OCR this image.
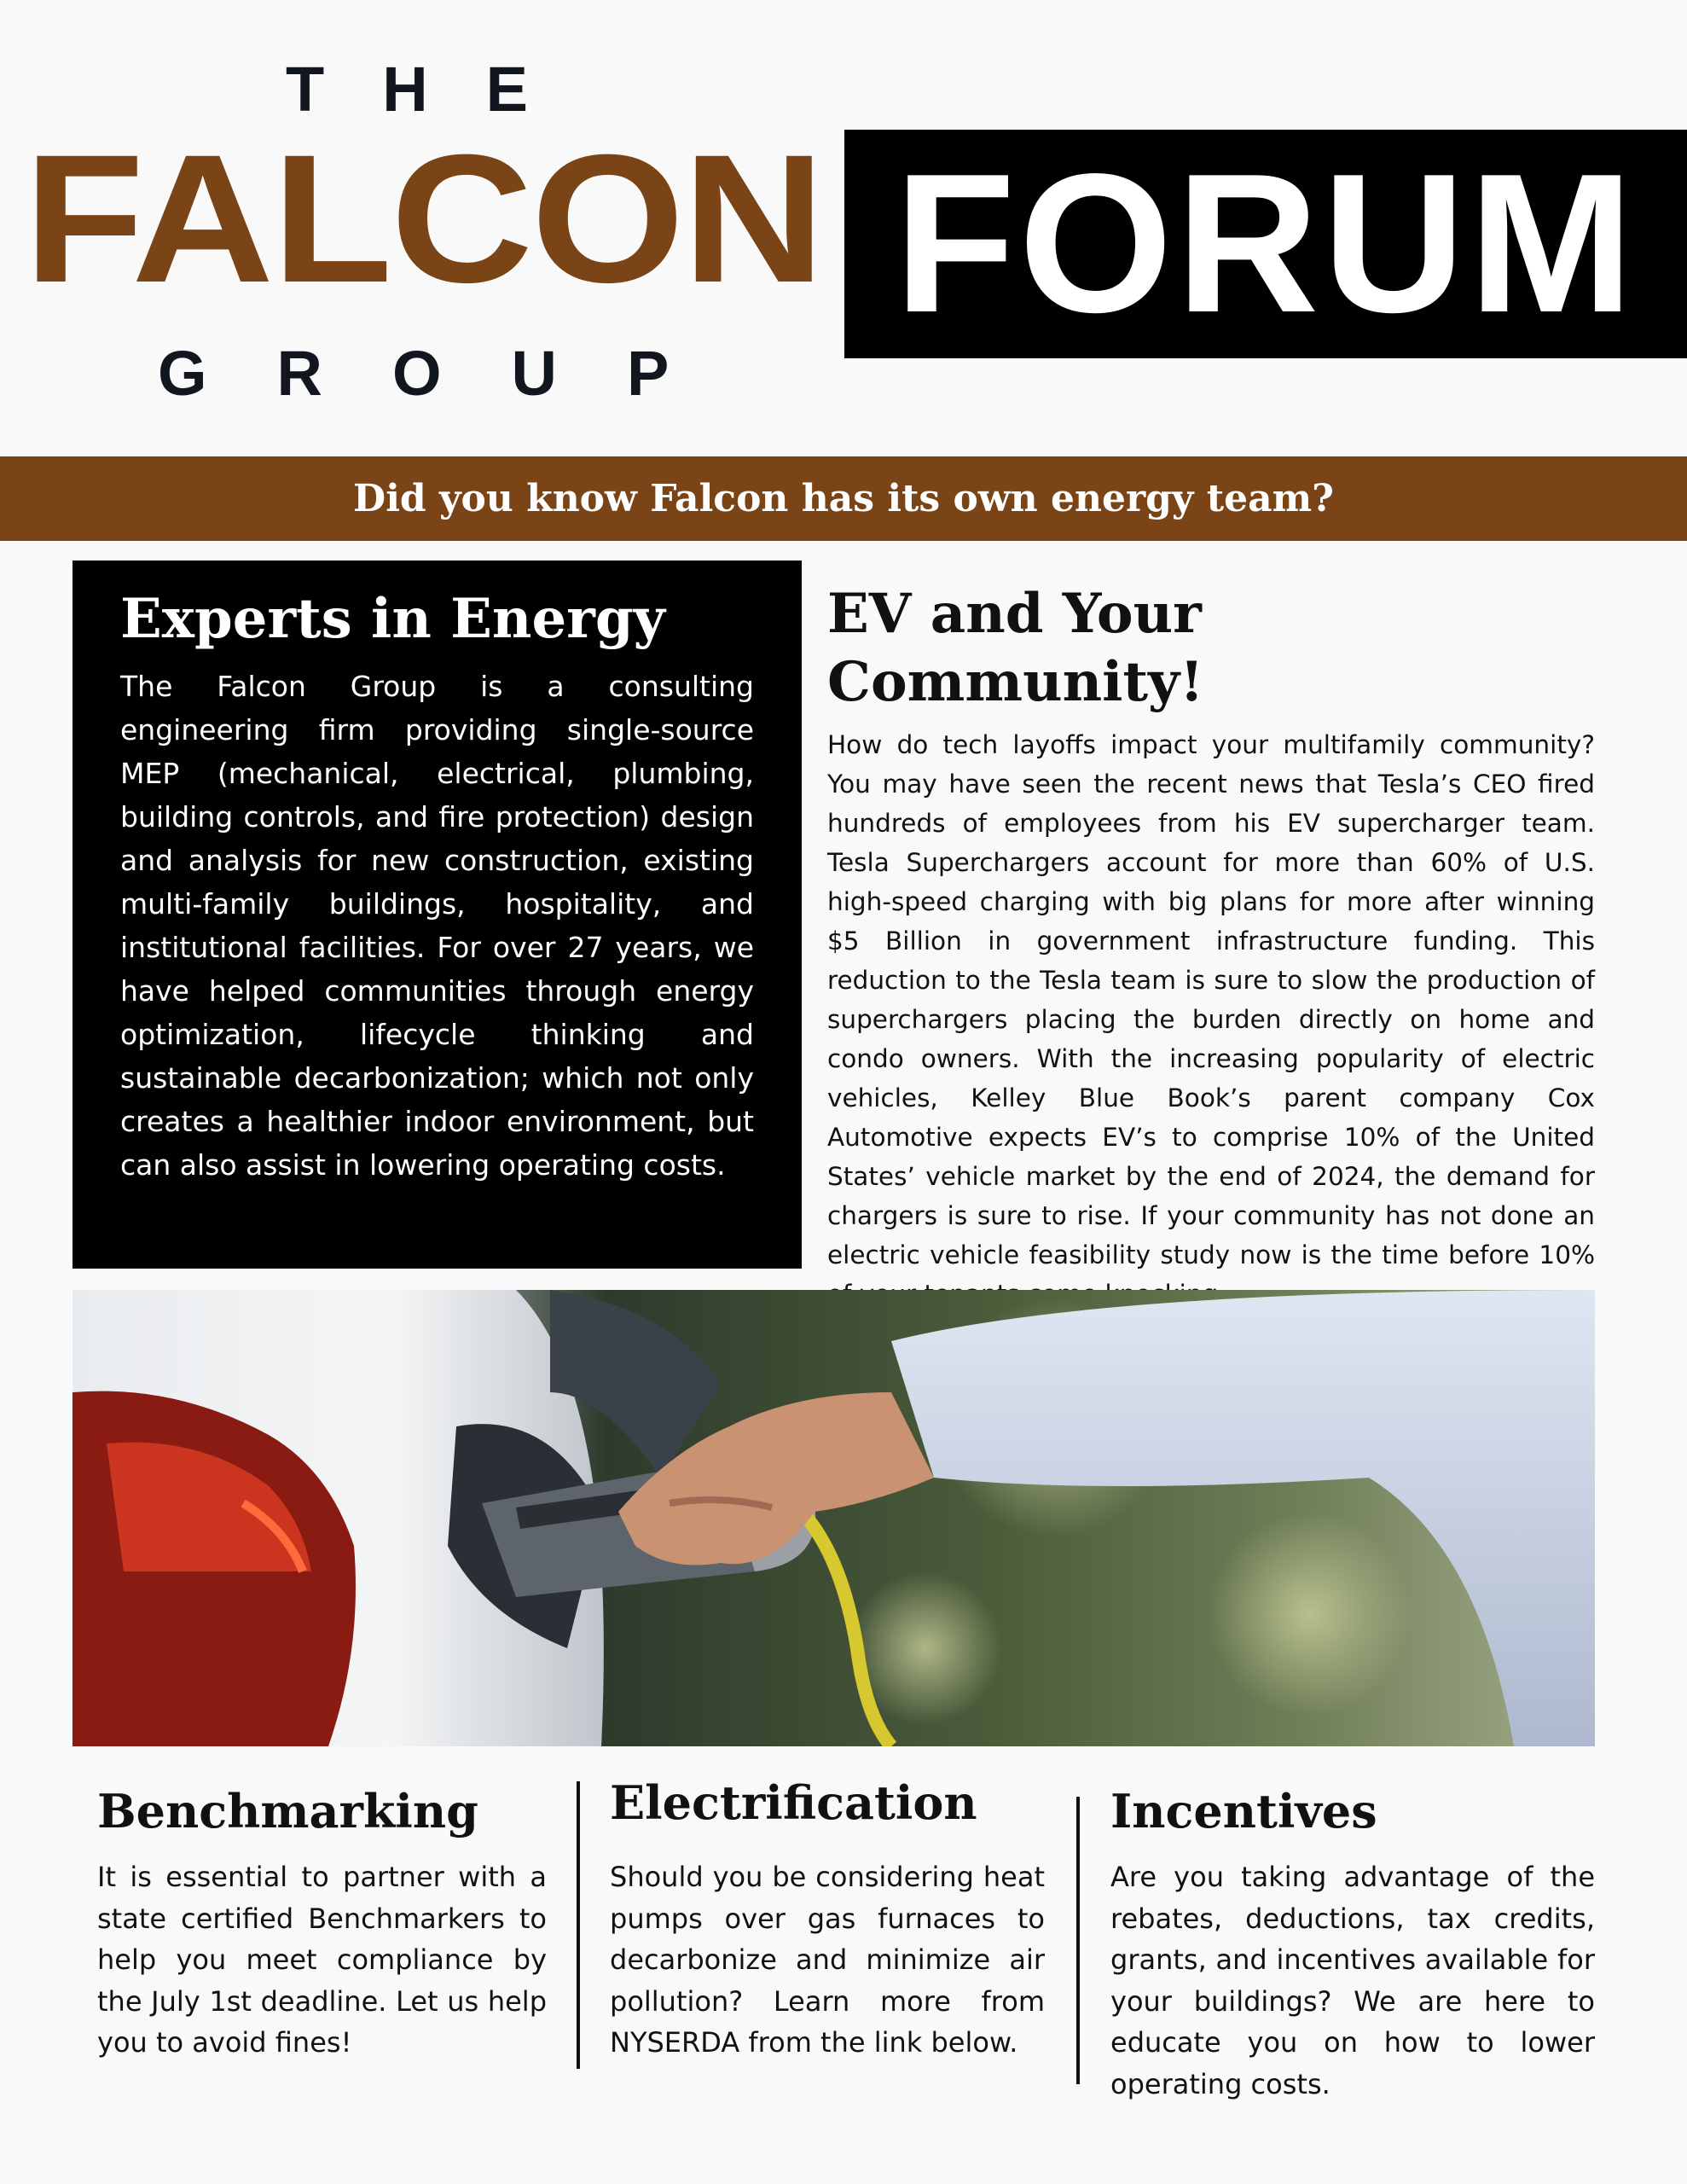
THE
FALCON
GROUP
FORUM
Did you know Falcon has its own energy team?
Experts in Energy

The Falcon Group is a consulting engineering firm providing single-source MEP (mechanical, electrical, plumbing, building controls, and fire protection) design and analysis for new construction, existing multi-family buildings, hospitality, and institutional facilities. For over 27 years, we have helped communities through energy optimization, lifecycle thinking and sustainable decarbonization; which not only creates a healthier indoor environment, but can also assist in lowering operating costs.

EV and Your Community!

How do tech layoffs impact your multifamily community? You may have seen the recent news that Tesla’s CEO fired hundreds of employees from his EV supercharger team. Tesla Superchargers account for more than 60% of U.S. high-speed charging with big plans for more after winning $5 Billion in government infrastructure funding. This reduction to the Tesla team is sure to slow the production of superchargers placing the burden directly on home and condo owners. With the increasing popularity of electric vehicles, Kelley Blue Book’s parent company Cox Automotive expects EV’s to comprise 10% of the United States’ vehicle market by the end of 2024, the demand for chargers is sure to rise. If your community has not done an electric vehicle feasibility study now is the time before 10%

Benchmarking

It is essential to partner with a state certified Benchmarkers to help you meet compliance by the July 1st deadline. Let us help you to avoid fines!

Electrification

Should you be considering heat pumps over gas furnaces to decarbonize and minimize air pollution? Learn more from NYSERDA from the link below.

Incentives

Are you taking advantage of the rebates, deductions, tax credits, grants, and incentives available for your buildings? We are here to educate you on how to lower operating costs.
